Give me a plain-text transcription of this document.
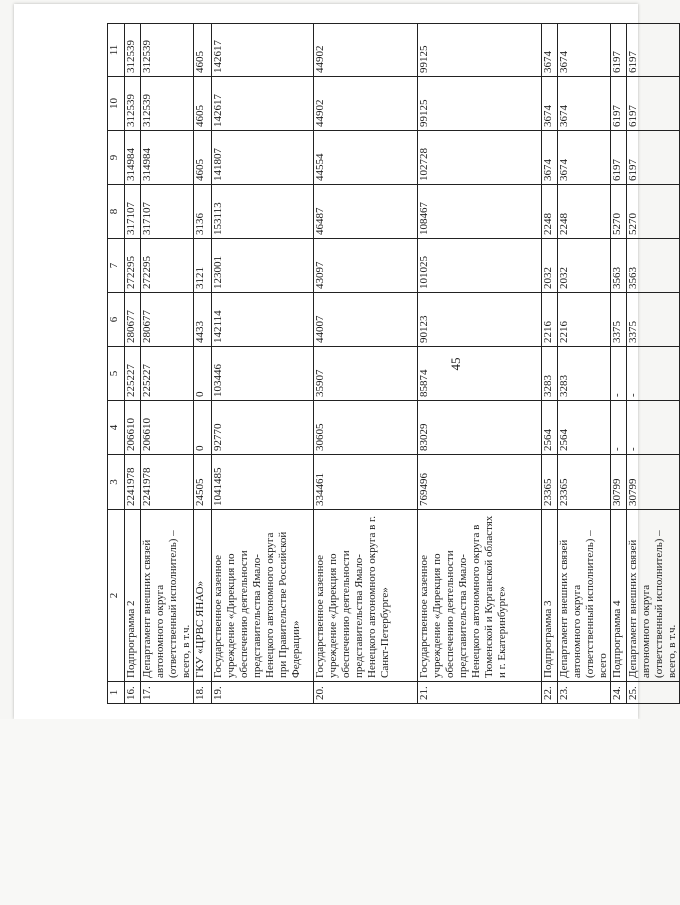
45
1	2	3	4	5	6	7	8	9	10	11
16.	Подпрограмма 2	2241978	206610	225227	280677	272295	317107	314984	312539	312539

17.	Департамент внешних связей автономного округа (ответственный исполнитель) – всего, в т.ч.	2241978	206610	225227	280677	272295	317107	314984	312539	312539

18.	ГКУ «ЦРВС ЯНАО»	24505	0	0	4433	3121	3136	4605	4605	4605

19.	Государственное казенное учреждение «Дирекция по обеспечению деятельности представительства Ямало-Ненецкого автономного округа при Правительстве Российской Федерации»	1041485	92770	103446	142114	123001	153113	141807	142617	142617

20.	Государственное казенное учреждение «Дирекция по обеспечению деятельности представительства Ямало-Ненецкого автономного округа в г. Санкт-Петербурге»	334461	30605	35907	44007	43097	46487	44554	44902	44902

21.	Государственное казенное учреждение «Дирекция по обеспечению деятельности представительства Ямало-Ненецкого автономного округа в Тюменской и Курганской областях и г. Екатеринбурге»	769496	83029	85874	90123	101025	108467	102728	99125	99125

22.	Подпрограмма 3	23365	2564	3283	2216	2032	2248	3674	3674	3674

23.	Департамент внешних связей автономного округа (ответственный исполнитель) – всего	23365	2564	3283	2216	2032	2248	3674	3674	3674

24.	Подпрограмма 4	30799	-	-	3375	3563	5270	6197	6197	6197

25.	Департамент внешних связей автономного округа (ответственный исполнитель) – всего, в т.ч.	30799	-	-	3375	3563	5270	6197	6197	6197
